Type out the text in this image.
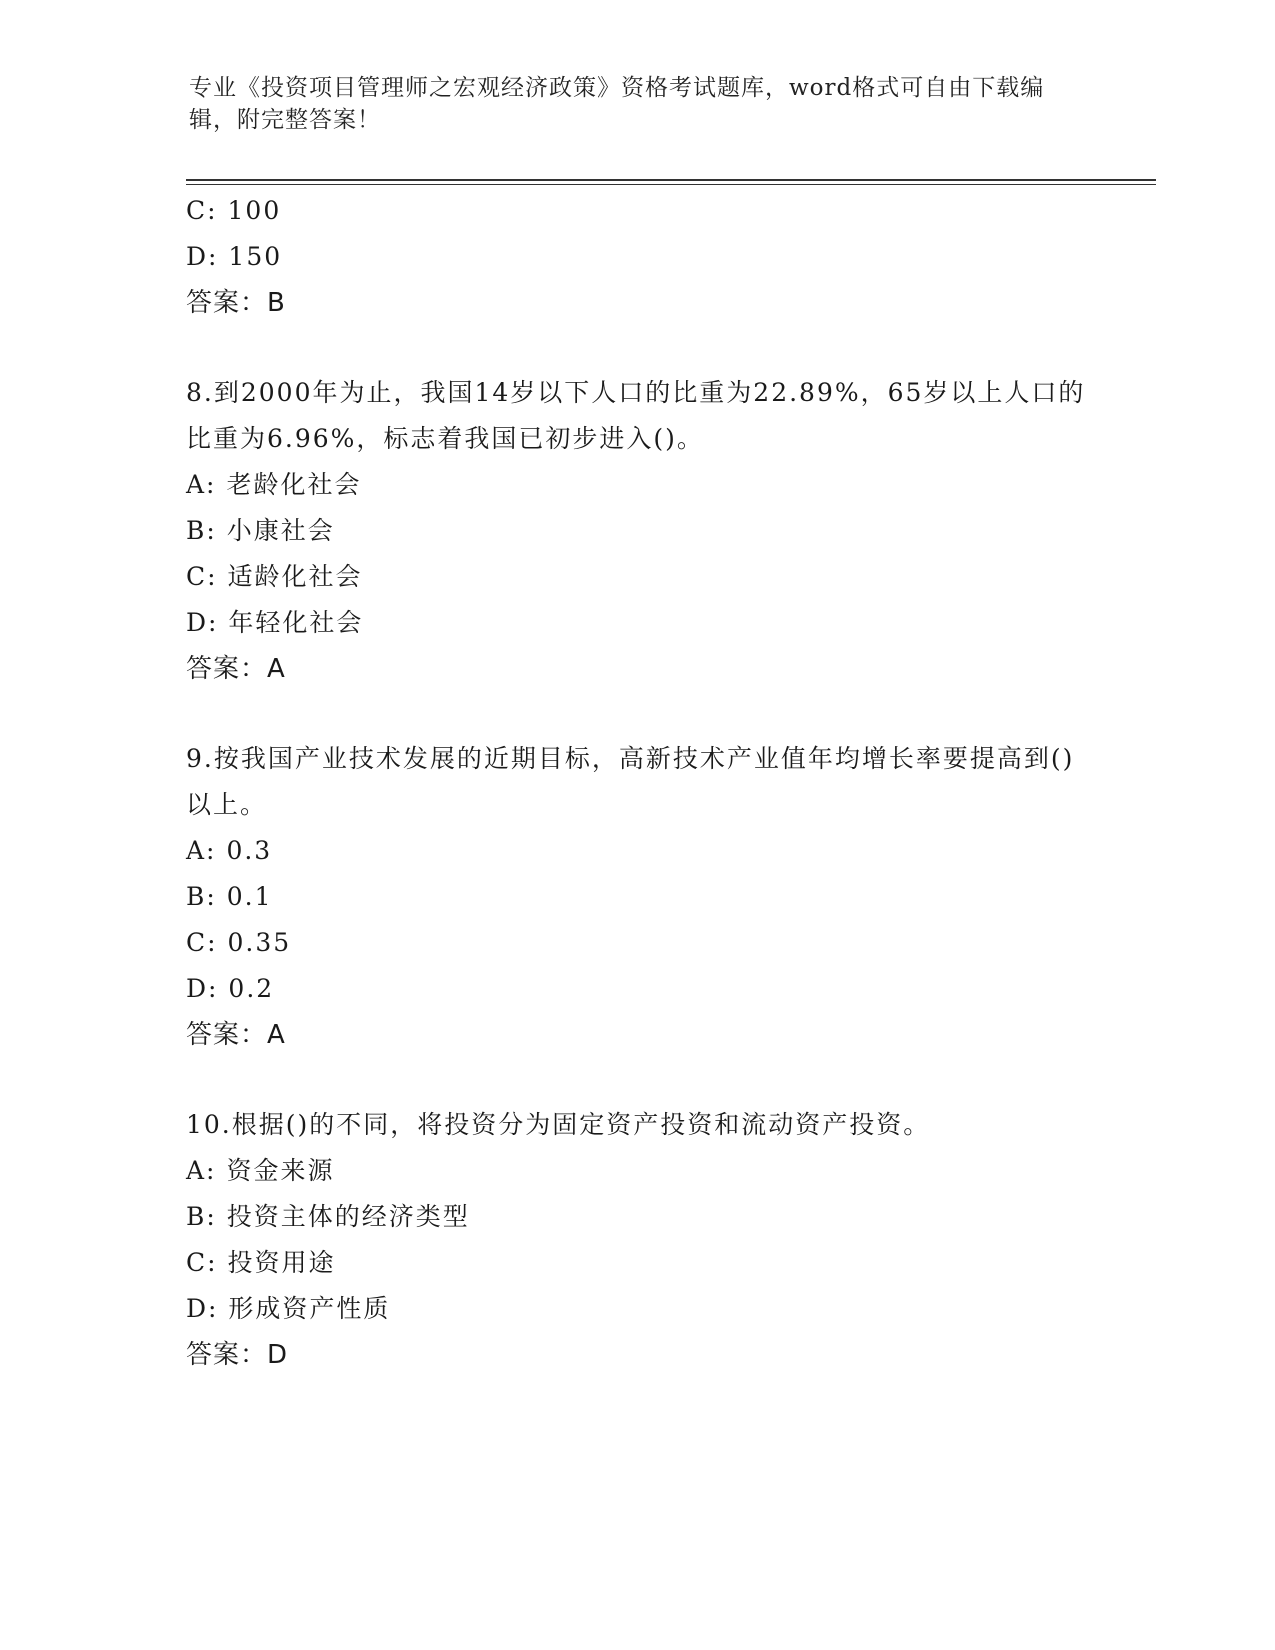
专业《投资项目管理师之宏观经济政策》资格考试题库，word格式可自由下载编辑，附完整答案！
C: 100
D: 150
答案：B
8.到2000年为止，我国14岁以下人口的比重为22.89%，65岁以上人口的比重为6.96%，标志着我国已初步进入()。
A: 老龄化社会
B: 小康社会
C: 适龄化社会
D: 年轻化社会
答案：A
9.按我国产业技术发展的近期目标，高新技术产业值年均增长率要提高到()以上。
A: 0.3
B: 0.1
C: 0.35
D: 0.2
答案：A
10.根据()的不同，将投资分为固定资产投资和流动资产投资。
A: 资金来源
B: 投资主体的经济类型
C: 投资用途
D: 形成资产性质
答案：D
